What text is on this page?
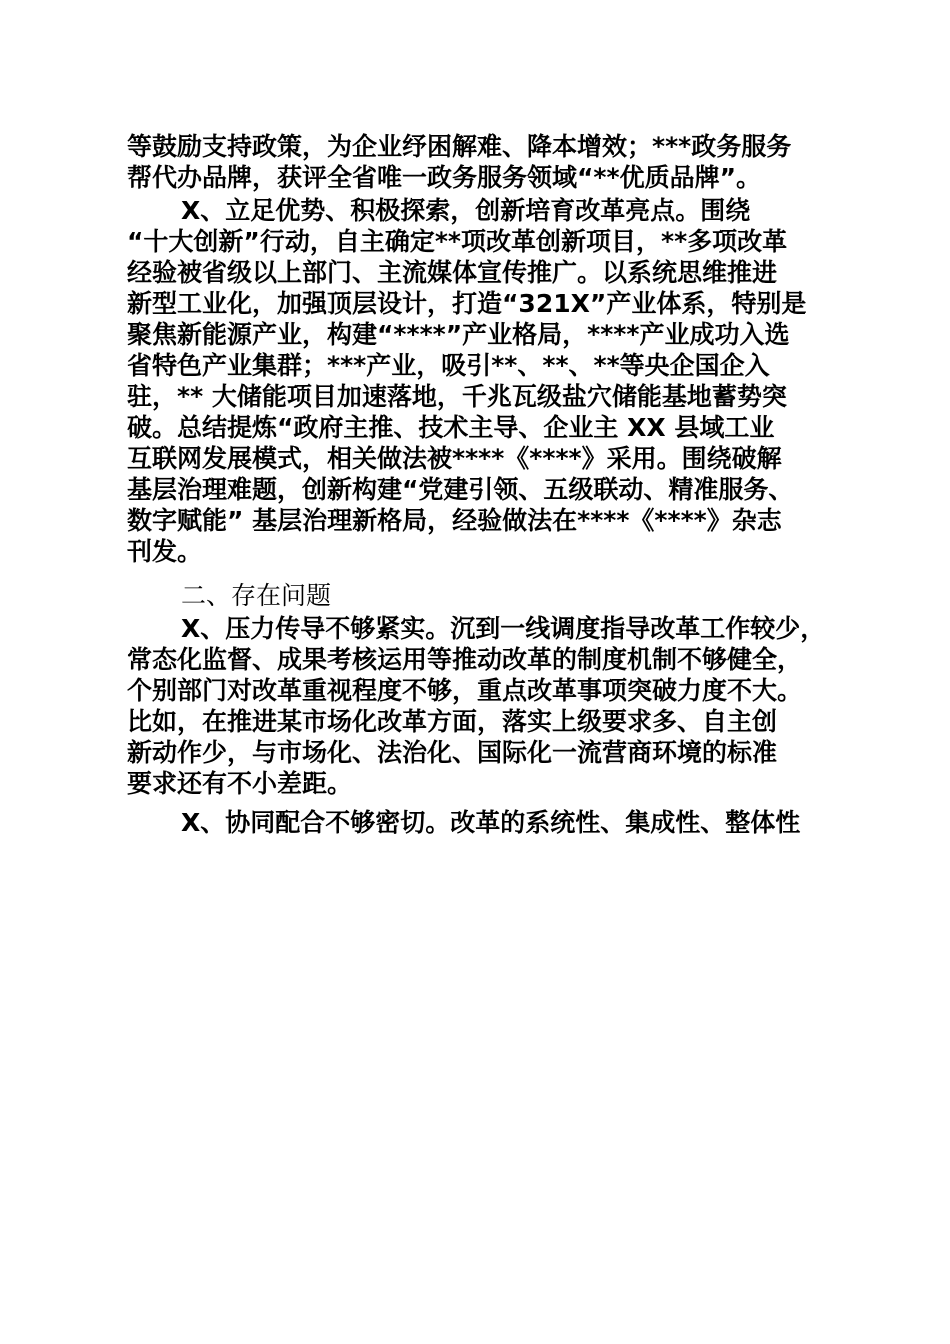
等鼓励支持政策，为企业纾困解难、降本增效；***政务服务
帮代办品牌，获评全省唯一政务服务领域“**优质品牌”。
X、立足优势、积极探索，创新培育改革亮点。围绕
“十大创新”行动，自主确定**项改革创新项目，**多项改革
经验被省级以上部门、主流媒体宣传推广。以系统思维推进
新型工业化，加强顶层设计，打造“321X”产业体系，特别是
聚焦新能源产业，构建“****”产业格局，****产业成功入选
省特色产业集群；***产业，吸引**、**、**等央企国企入
驻，** 大储能项目加速落地，千兆瓦级盐穴储能基地蓄势突
破。总结提炼“政府主推、技术主导、企业主 XX 县域工业
互联网发展模式，相关做法被****《****》采用。围绕破解
基层治理难题，创新构建“党建引领、五级联动、精准服务、
数字赋能” 基层治理新格局，经验做法在****《****》杂志
刊发。
二、存在问题
X、压力传导不够紧实。沉到一线调度指导改革工作较少，
常态化监督、成果考核运用等推动改革的制度机制不够健全，
个别部门对改革重视程度不够，重点改革事项突破力度不大。
比如，在推进某市场化改革方面，落实上级要求多、自主创
新动作少，与市场化、法治化、国际化一流营商环境的标准
要求还有不小差距。
X、协同配合不够密切。改革的系统性、集成性、整体性
